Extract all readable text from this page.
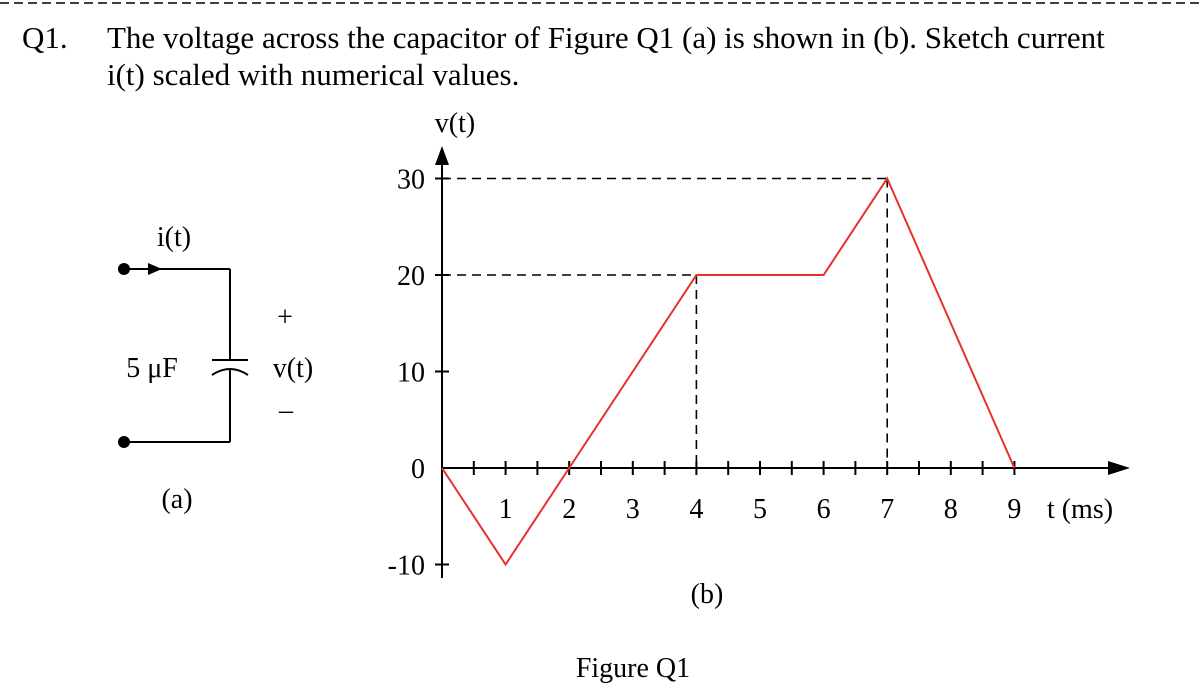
Q1. The voltage across the capacitor of Figure Q1 (a) is shown in (b). Sketch current
i(t) scaled with numerical values.
i(t)
5 μF
+
v(t)
–
(a)
30
20
10
0
-10
1 2 3 4 5 6 7 8 9
v(t)
t (ms)
(b)
Figure Q1
